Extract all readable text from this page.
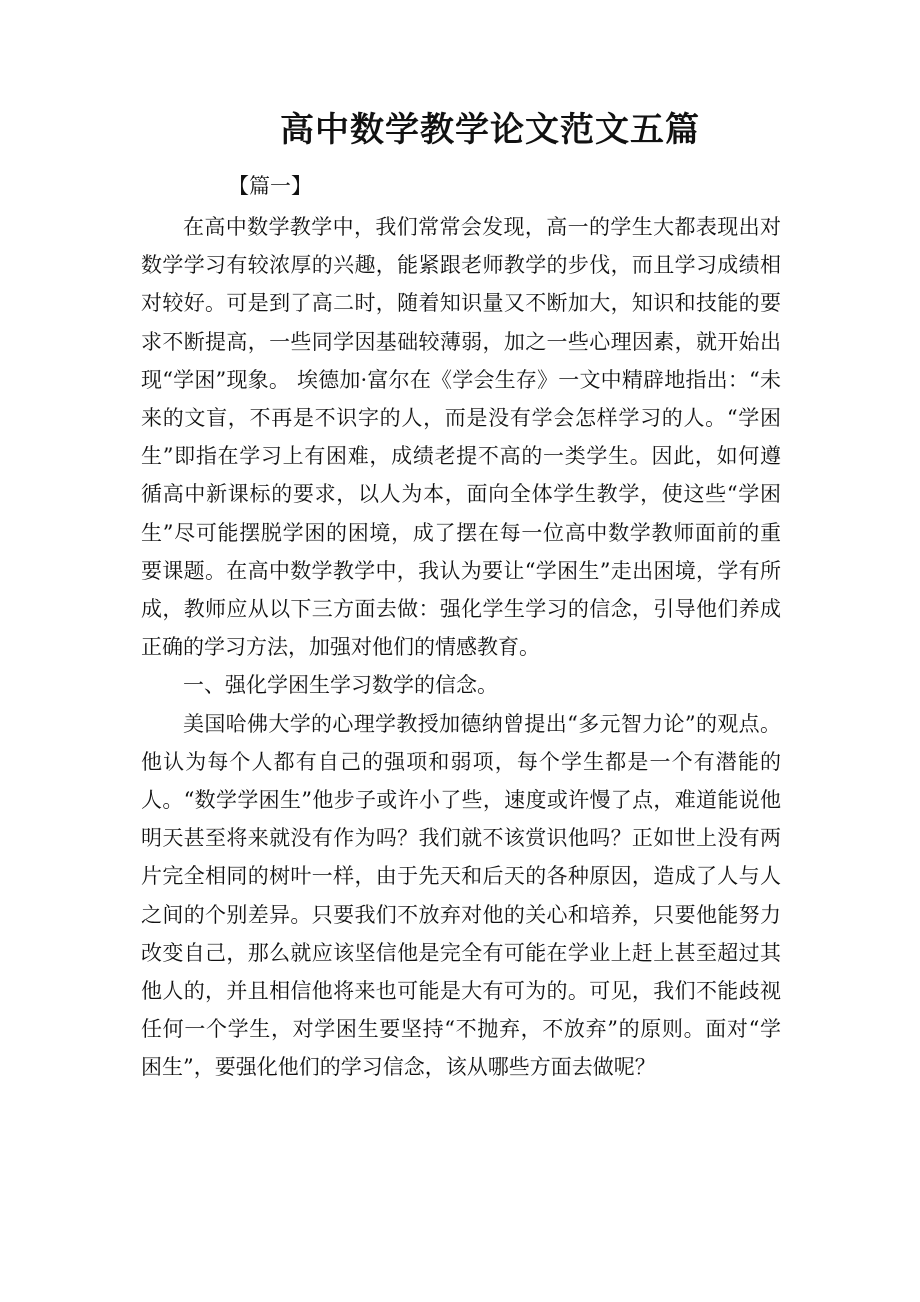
高中数学教学论文范文五篇
【篇一】

在高中数学教学中，我们常常会发现，高一的学生大都表现出对数学学习有较浓厚的兴趣，能紧跟老师教学的步伐，而且学习成绩相对较好。可是到了高二时，随着知识量又不断加大，知识和技能的要求不断提高，一些同学因基础较薄弱，加之一些心理因素，就开始出现“学困”现象。 埃德加·富尔在《学会生存》一文中精辟地指出：“未来的文盲，不再是不识字的人，而是没有学会怎样学习的人。“学困生”即指在学习上有困难，成绩老提不高的一类学生。因此，如何遵循高中新课标的要求，以人为本，面向全体学生教学，使这些“学困生”尽可能摆脱学困的困境，成了摆在每一位高中数学教师面前的重要课题。在高中数学教学中，我认为要让“学困生”走出困境，学有所成，教师应从以下三方面去做：强化学生学习的信念，引导他们养成正确的学习方法，加强对他们的情感教育。

一、强化学困生学习数学的信念。

美国哈佛大学的心理学教授加德纳曾提出“多元智力论”的观点。他认为每个人都有自己的强项和弱项，每个学生都是一个有潜能的人。“数学学困生”他步子或许小了些，速度或许慢了点，难道能说他明天甚至将来就没有作为吗？我们就不该赏识他吗？正如世上没有两片完全相同的树叶一样，由于先天和后天的各种原因，造成了人与人之间的个别差异。只要我们不放弃对他的关心和培养，只要他能努力改变自己，那么就应该坚信他是完全有可能在学业上赶上甚至超过其他人的，并且相信他将来也可能是大有可为的。可见，我们不能歧视任何一个学生，对学困生要坚持“不抛弃，不放弃”的原则。面对“学困生”，要强化他们的学习信念，该从哪些方面去做呢？
